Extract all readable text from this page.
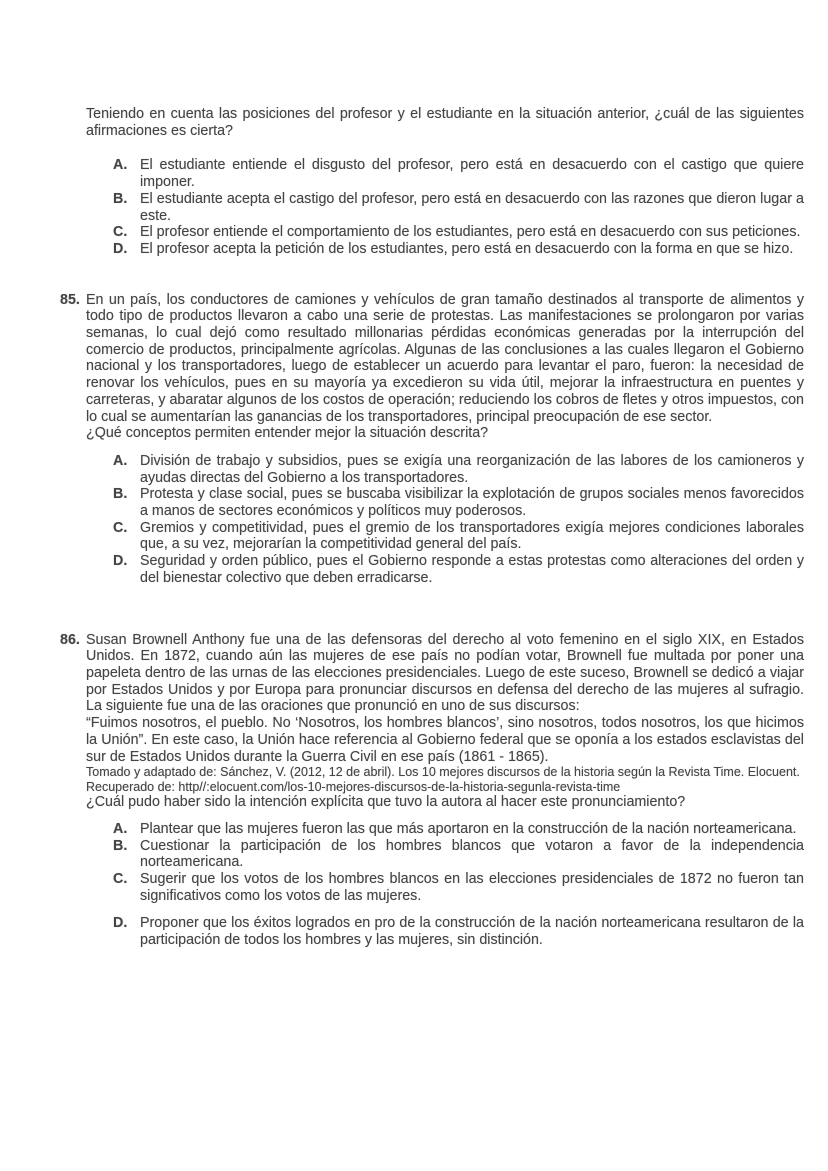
Teniendo en cuenta las posiciones del profesor y el estudiante en la situación anterior, ¿cuál de las siguientes afirmaciones es cierta?

A. El estudiante entiende el disgusto del profesor, pero está en desacuerdo con el castigo que quiere imponer.
B. El estudiante acepta el castigo del profesor, pero está en desacuerdo con las razones que dieron lugar a este.
C. El profesor entiende el comportamiento de los estudiantes, pero está en desacuerdo con sus peticiones.
D. El profesor acepta la petición de los estudiantes, pero está en desacuerdo con la forma en que se hizo.
85. En un país, los conductores de camiones y vehículos de gran tamaño destinados al transporte de alimentos y todo tipo de productos llevaron a cabo una serie de protestas. Las manifestaciones se prolongaron por varias semanas, lo cual dejó como resultado millonarias pérdidas económicas generadas por la interrupción del comercio de productos, principalmente agrícolas. Algunas de las conclusiones a las cuales llegaron el Gobierno nacional y los transportadores, luego de establecer un acuerdo para levantar el paro, fueron: la necesidad de renovar los vehículos, pues en su mayoría ya excedieron su vida útil, mejorar la infraestructura en puentes y carreteras, y abaratar algunos de los costos de operación; reduciendo los cobros de fletes y otros impuestos, con lo cual se aumentarían las ganancias de los transportadores, principal preocupación de ese sector.

¿Qué conceptos permiten entender mejor la situación descrita?

A. División de trabajo y subsidios, pues se exigía una reorganización de las labores de los camioneros y ayudas directas del Gobierno a los transportadores.
B. Protesta y clase social, pues se buscaba visibilizar la explotación de grupos sociales menos favorecidos a manos de sectores económicos y políticos muy poderosos.
C. Gremios y competitividad, pues el gremio de los transportadores exigía mejores condiciones laborales que, a su vez, mejorarían la competitividad general del país.
D. Seguridad y orden público, pues el Gobierno responde a estas protestas como alteraciones del orden y del bienestar colectivo que deben erradicarse.
86. Susan Brownell Anthony fue una de las defensoras del derecho al voto femenino en el siglo XIX, en Estados Unidos. En 1872, cuando aún las mujeres de ese país no podían votar, Brownell fue multada por poner una papeleta dentro de las urnas de las elecciones presidenciales. Luego de este suceso, Brownell se dedicó a viajar por Estados Unidos y por Europa para pronunciar discursos en defensa del derecho de las mujeres al sufragio. La siguiente fue una de las oraciones que pronunció en uno de sus discursos:

“Fuimos nosotros, el pueblo. No ‘Nosotros, los hombres blancos’, sino nosotros, todos nosotros, los que hicimos la Unión”. En este caso, la Unión hace referencia al Gobierno federal que se oponía a los estados esclavistas del sur de Estados Unidos durante la Guerra Civil en ese país (1861 - 1865).

Tomado y adaptado de: Sánchez, V. (2012, 12 de abril). Los 10 mejores discursos de la historia según la Revista Time. Elocuent. Recuperado de: http//:elocuent.com/los-10-mejores-discursos-de-la-historia-segunla-revista-time

¿Cuál pudo haber sido la intención explícita que tuvo la autora al hacer este pronunciamiento?

A. Plantear que las mujeres fueron las que más aportaron en la construcción de la nación norteamericana.
B. Cuestionar la participación de los hombres blancos que votaron a favor de la independencia norteamericana.
C. Sugerir que los votos de los hombres blancos en las elecciones presidenciales de 1872 no fueron tan significativos como los votos de las mujeres.
D. Proponer que los éxitos logrados en pro de la construcción de la nación norteamericana resultaron de la participación de todos los hombres y las mujeres, sin distinción.
